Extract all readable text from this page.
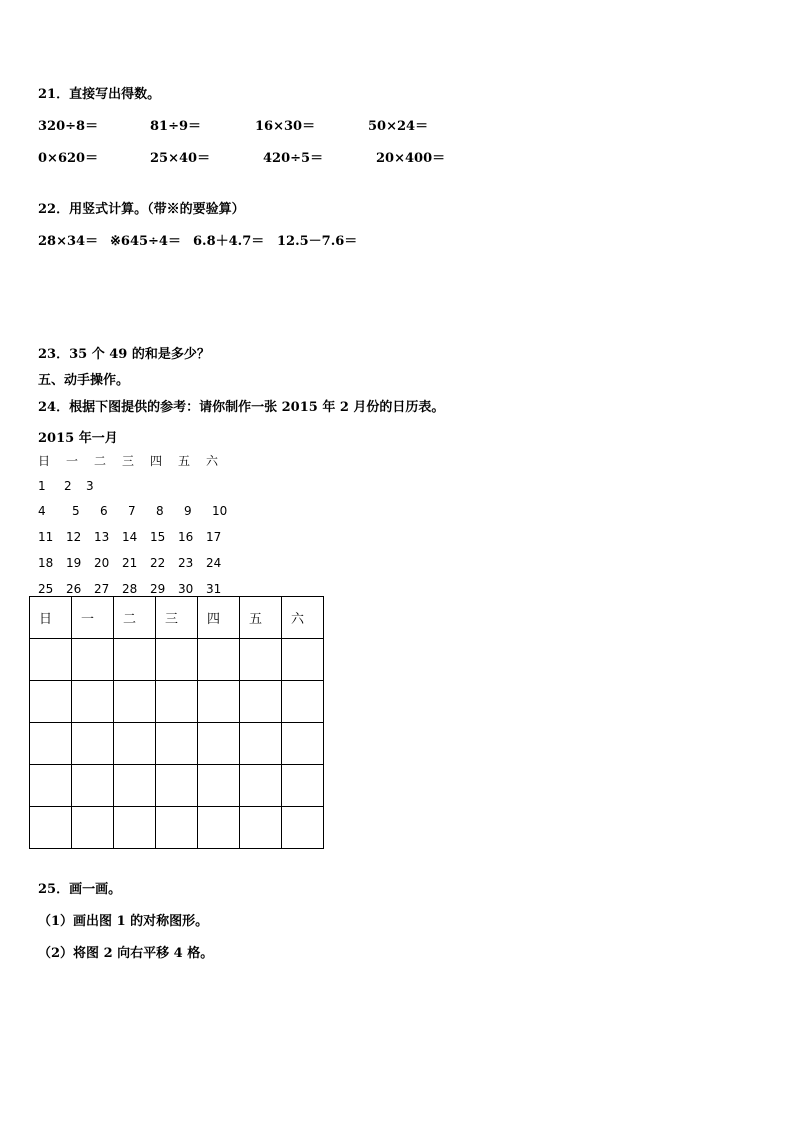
21．直接写出得数。
320÷8＝	81÷9＝	16×30＝	50×24＝
0×620＝	25×40＝	420÷5＝	20×400＝
22．用竖式计算。（带※的要验算）
28×34＝ ※645÷4＝ 6.8＋4.7＝ 12.5－7.6＝
23．35 个 49 的和是多少？
五、动手操作。
24．根据下图提供的参考：请你制作一张 2015 年 2 月份的日历表。
2015 年一月
日 一 二 三 四 五 六
1 2 3
4 5 6 7 8 9 10
11 12 13 14 15 16 17
18 19 20 21 22 23 24
25 26 27 28 29 30 31
日	一	二	三	四	五	六

25．画一画。
（1）画出图 1 的对称图形。
（2）将图 2 向右平移 4 格。
